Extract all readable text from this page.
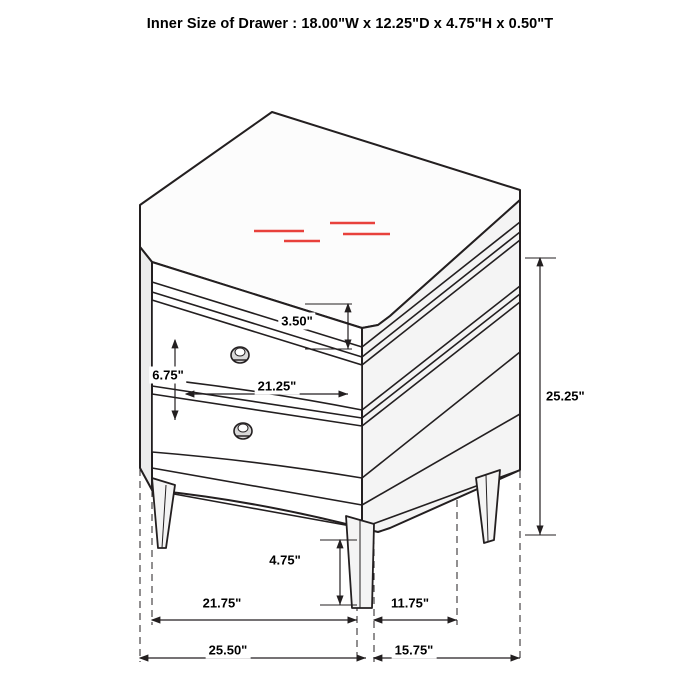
Inner Size of Drawer : 18.00"W x 12.25"D x 4.75"H x 0.50"T
3.50"
6.75"
21.25"
25.25"
4.75"
21.75"	11.75"
25.50"	15.75"
